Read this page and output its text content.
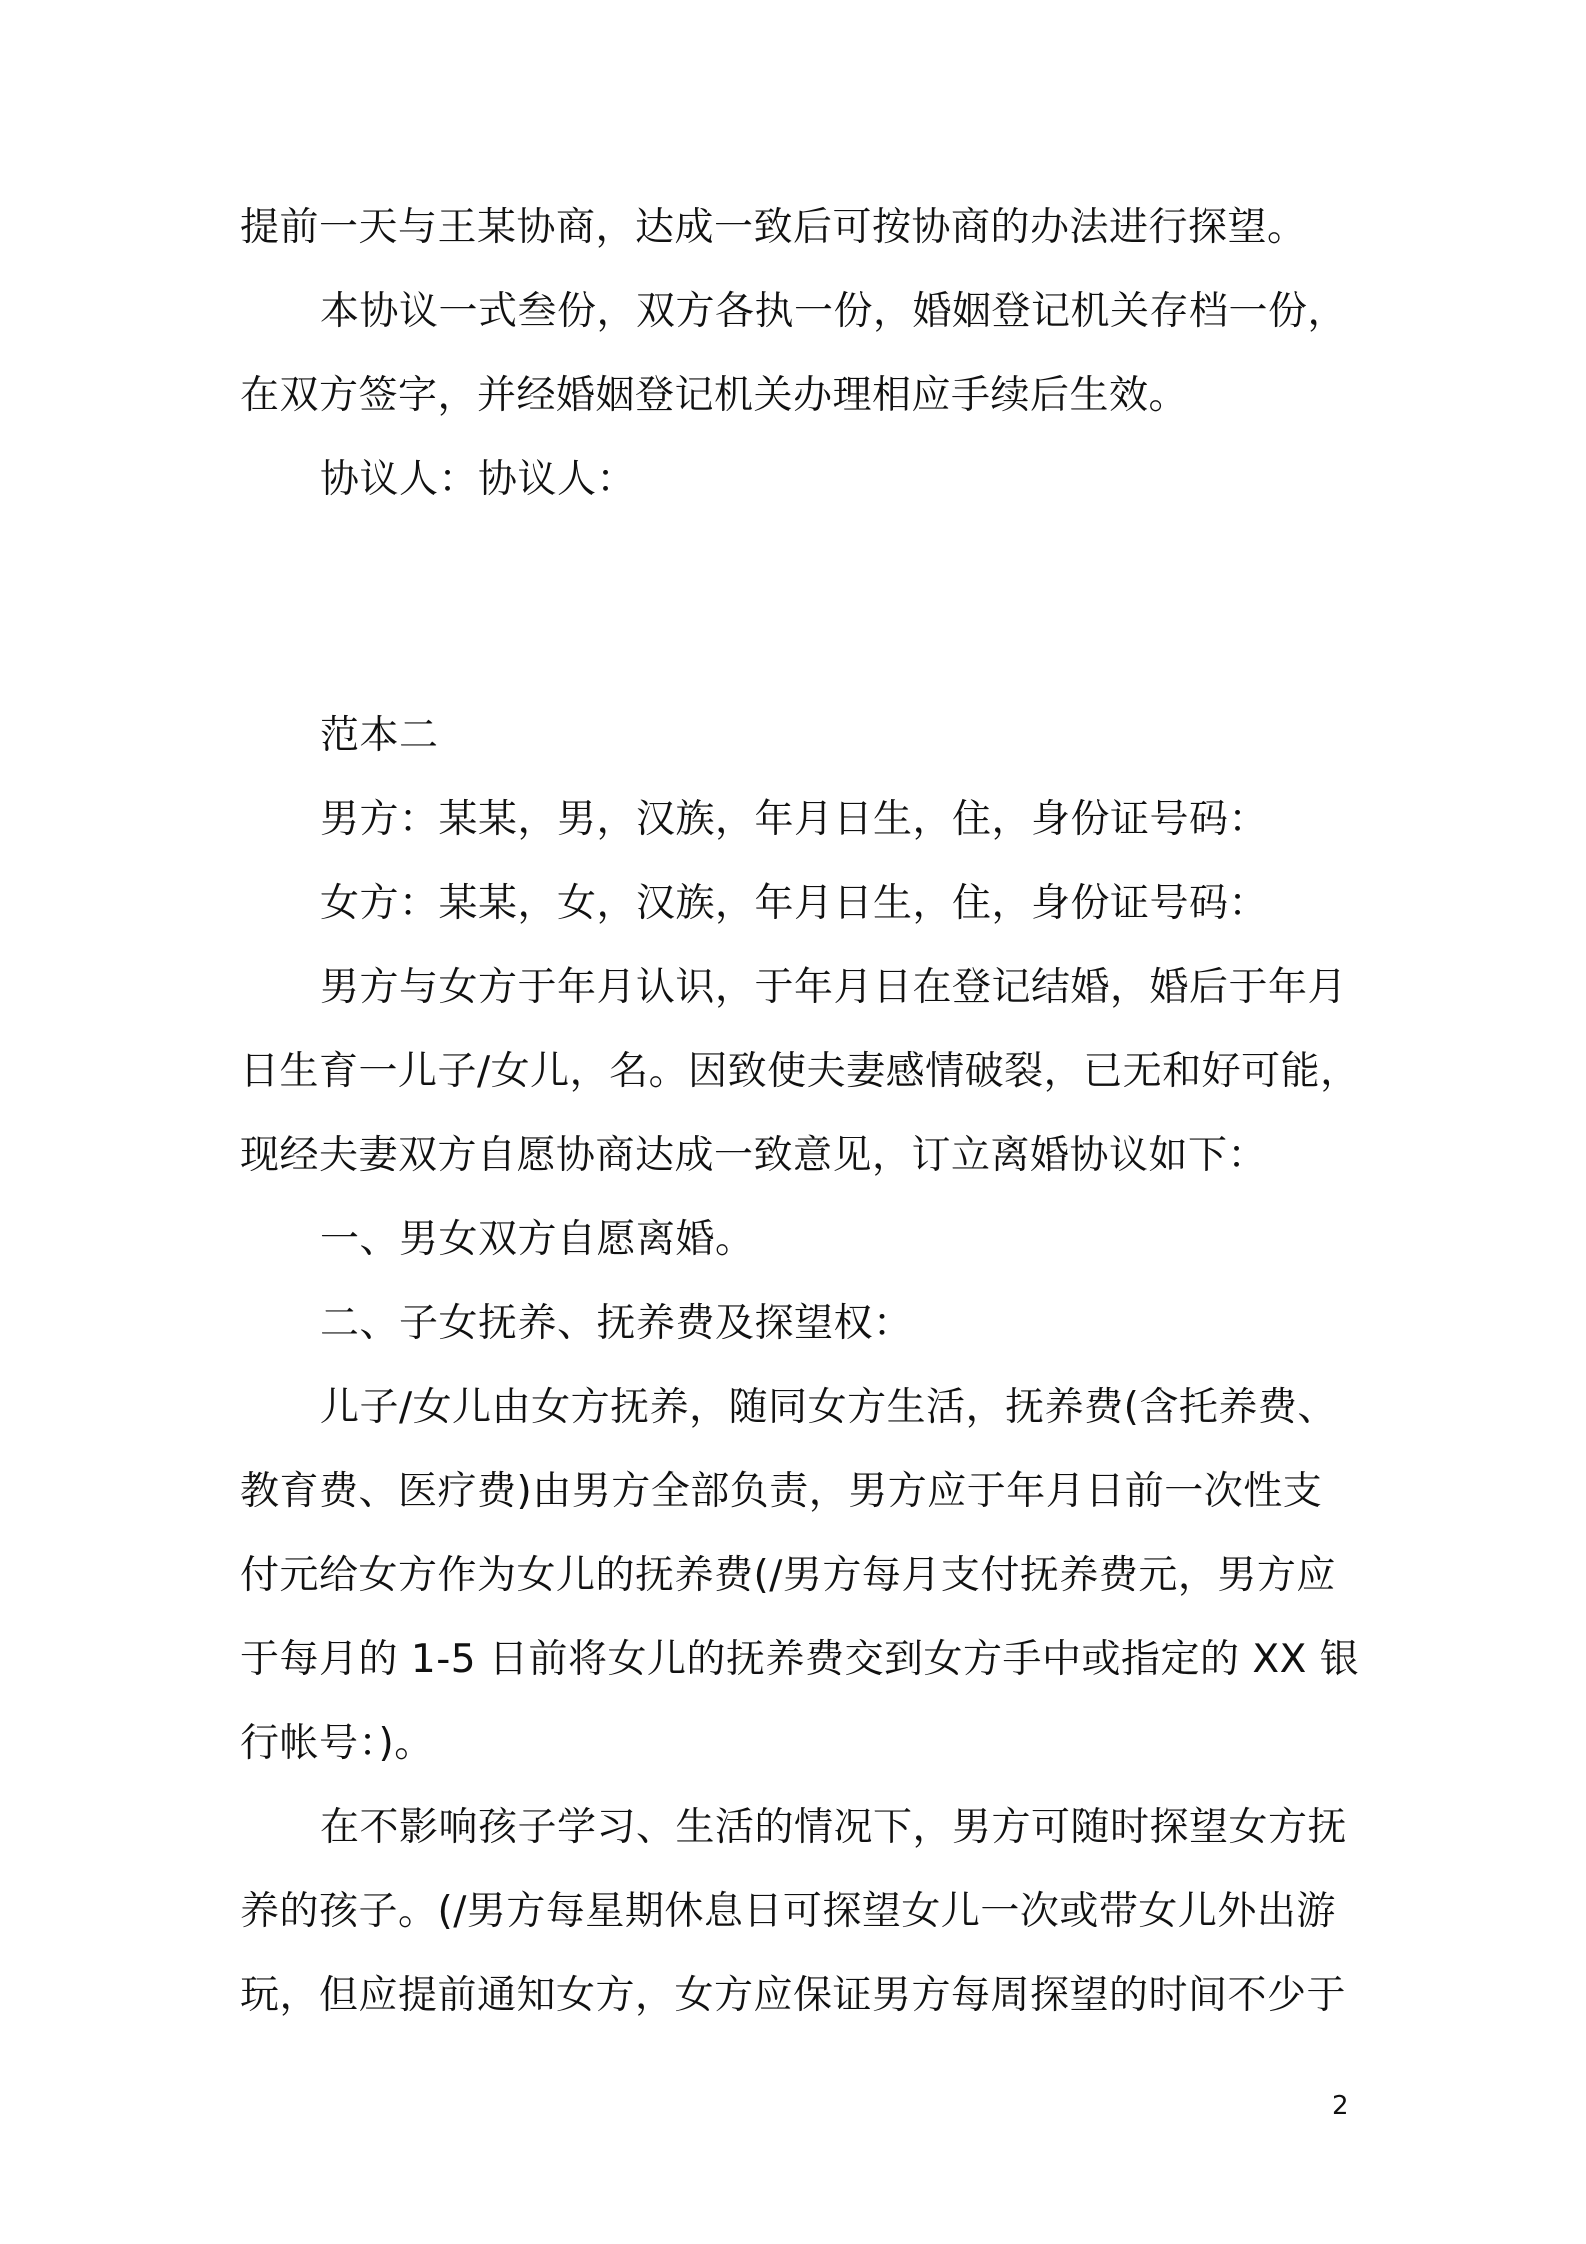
提前一天与王某协商，达成一致后可按协商的办法进行探望。
本协议一式叁份，双方各执一份，婚姻登记机关存档一份，
在双方签字，并经婚姻登记机关办理相应手续后生效。
协议人：协议人：
范本二
男方：某某，男，汉族，年月日生，住，身份证号码：
女方：某某，女，汉族，年月日生，住，身份证号码：
男方与女方于年月认识，于年月日在登记结婚，婚后于年月
日生育一儿子/女儿，名。因致使夫妻感情破裂，已无和好可能，
现经夫妻双方自愿协商达成一致意见，订立离婚协议如下：
一、男女双方自愿离婚。
二、子女抚养、抚养费及探望权：
儿子/女儿由女方抚养，随同女方生活，抚养费(含托养费、
教育费、医疗费)由男方全部负责，男方应于年月日前一次性支
付元给女方作为女儿的抚养费(/男方每月支付抚养费元，男方应
于每月的 1-5 日前将女儿的抚养费交到女方手中或指定的 XX 银
行帐号：)。
在不影响孩子学习、生活的情况下，男方可随时探望女方抚
养的孩子。(/男方每星期休息日可探望女儿一次或带女儿外出游
玩，但应提前通知女方，女方应保证男方每周探望的时间不少于
2
